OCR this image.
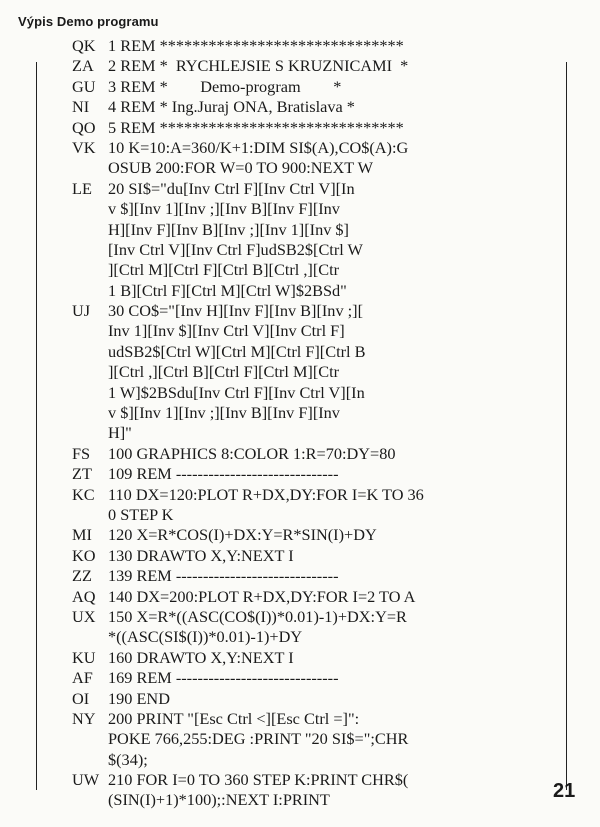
Výpis Demo programu
QK 1 REM ******************************
ZA 2 REM *  RYCHLEJSIE S KRUZNICAMI  *
GU 3 REM *        Demo-program        *
NI	4 REM * Ing.Juraj ONA, Bratislava *
QO 5 REM ******************************
VK 10 K=10:A=360/K+1:DIM SI$(A),CO$(A):G
OSUB 200:FOR W=0 TO 900:NEXT W
LE 20 SI$="du[Inv Ctrl F][Inv Ctrl V][In
v $][Inv 1][Inv ;][Inv B][Inv F][Inv
H][Inv F][Inv B][Inv ;][Inv 1][Inv $]
[Inv Ctrl V][Inv Ctrl F]udSB2$[Ctrl W
][Ctrl M][Ctrl F][Ctrl B][Ctrl ,][Ctr
1 B][Ctrl F][Ctrl M][Ctrl W]$2BSd"
UJ	30 CO$="[Inv H][Inv F][Inv B][Inv ;][
Inv 1][Inv $][Inv Ctrl V][Inv Ctrl F]
udSB2$[Ctrl W][Ctrl M][Ctrl F][Ctrl B
][Ctrl ,][Ctrl B][Ctrl F][Ctrl M][Ctr
1 W]$2BSdu[Inv Ctrl F][Inv Ctrl V][In
v $][Inv 1][Inv ;][Inv B][Inv F][Inv
H]"
FS	100 GRAPHICS 8:COLOR 1:R=70:DY=80
ZT 109 REM ------------------------------
KC 110 DX=120:PLOT R+DX,DY:FOR I=K TO 36
0 STEP K
MI 120 X=R*COS(I)+DX:Y=R*SIN(I)+DY
KO 130 DRAWTO X,Y:NEXT I
ZZ 139 REM ------------------------------
AQ 140 DX=200:PLOT R+DX,DY:FOR I=2 TO A
UX 150 X=R*((ASC(CO$(I))*0.01)-1)+DX:Y=R
*((ASC(SI$(I))*0.01)-1)+DY
KU 160 DRAWTO X,Y:NEXT I
AF 169 REM ------------------------------
OI	190 END
NY 200 PRINT "[Esc Ctrl <][Esc Ctrl =]":
POKE 766,255:DEG :PRINT "20 SI$=";CHR
$(34);
UW 210 FOR I=0 TO 360 STEP K:PRINT CHR$(
(SIN(I)+1)*100);:NEXT I:PRINT	21
